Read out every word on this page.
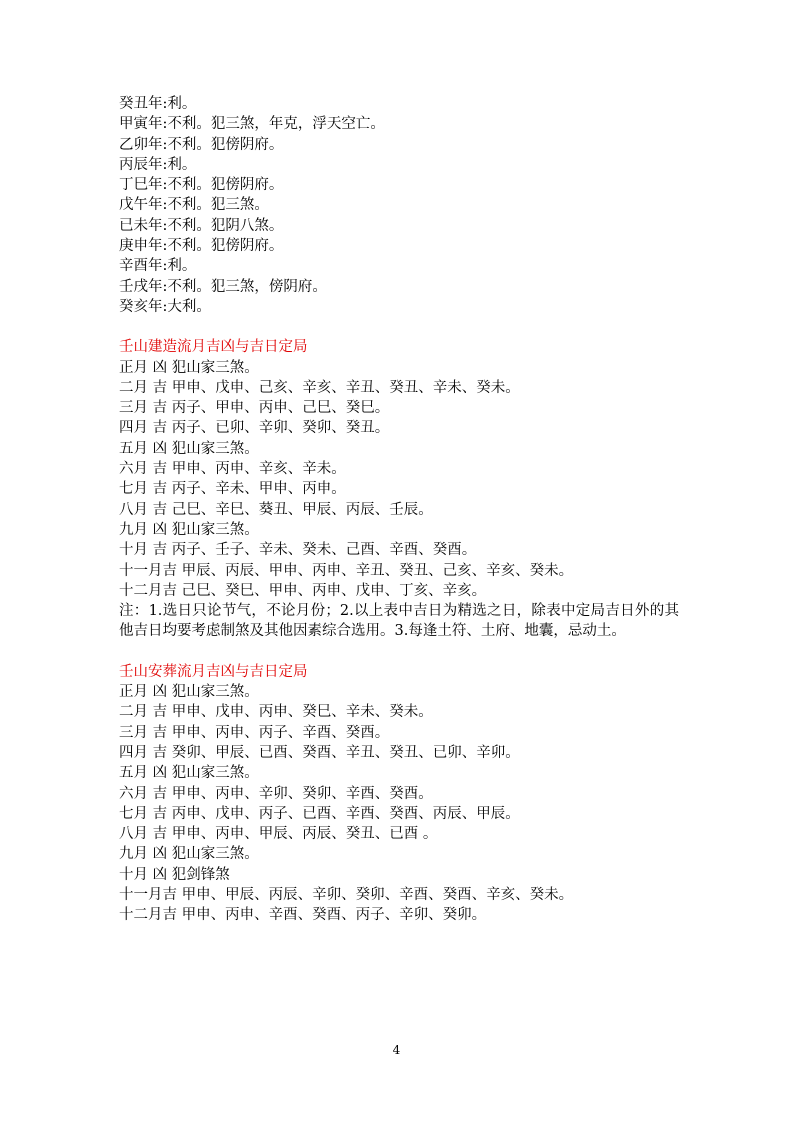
癸丑年:利。
甲寅年:不利。犯三煞，年克，浮天空亡。
乙卯年:不利。犯傍阴府。
丙辰年:利。
丁巳年:不利。犯傍阴府。
戊午年:不利。犯三煞。
已未年:不利。犯阴八煞。
庚申年:不利。犯傍阴府。
辛酉年:利。
壬戌年:不利。犯三煞，傍阴府。
癸亥年:大利。
壬山建造流月吉凶与吉日定局
正月 凶 犯山家三煞。
二月 吉 甲申、戊申、己亥、辛亥、辛丑、癸丑、辛未、癸未。
三月 吉 丙子、甲申、丙申、己巳、癸巳。
四月 吉 丙子、已卯、辛卯、癸卯、癸丑。
五月 凶 犯山家三煞。
六月 吉 甲申、丙申、辛亥、辛未。
七月 吉 丙子、辛未、甲申、丙申。
八月 吉 己巳、辛巳、葵丑、甲辰、丙辰、壬辰。
九月 凶 犯山家三煞。
十月 吉 丙子、壬子、辛未、癸未、己酉、辛酉、癸酉。
十一月吉 甲辰、丙辰、甲申、丙申、辛丑、癸丑、己亥、辛亥、癸未。
十二月吉 己巳、癸巳、甲申、丙申、戊申、丁亥、辛亥。
注：1.选日只论节气，不论月份；2.以上表中吉日为精选之日，除表中定局吉日外的其他吉日均要考虑制煞及其他因素综合选用。3.每逢土符、土府、地囊，忌动土。
壬山安葬流月吉凶与吉日定局
正月 凶 犯山家三煞。
二月 吉 甲申、戊申、丙申、癸巳、辛未、癸未。
三月 吉 甲申、丙申、丙子、辛酉、癸酉。
四月 吉 癸卯、甲辰、已酉、癸酉、辛丑、癸丑、已卯、辛卯。
五月 凶 犯山家三煞。
六月 吉 甲申、丙申、辛卯、癸卯、辛酉、癸酉。
七月 吉 丙申、戊申、丙子、已酉、辛酉、癸酉、丙辰、甲辰。
八月 吉 甲申、丙申、甲辰、丙辰、癸丑、已酉 。
九月 凶 犯山家三煞。
十月 凶 犯剑锋煞
十一月吉 甲申、甲辰、丙辰、辛卯、癸卯、辛酉、癸酉、辛亥、癸未。
十二月吉 甲申、丙申、辛酉、癸酉、丙子、辛卯、癸卯。
4
